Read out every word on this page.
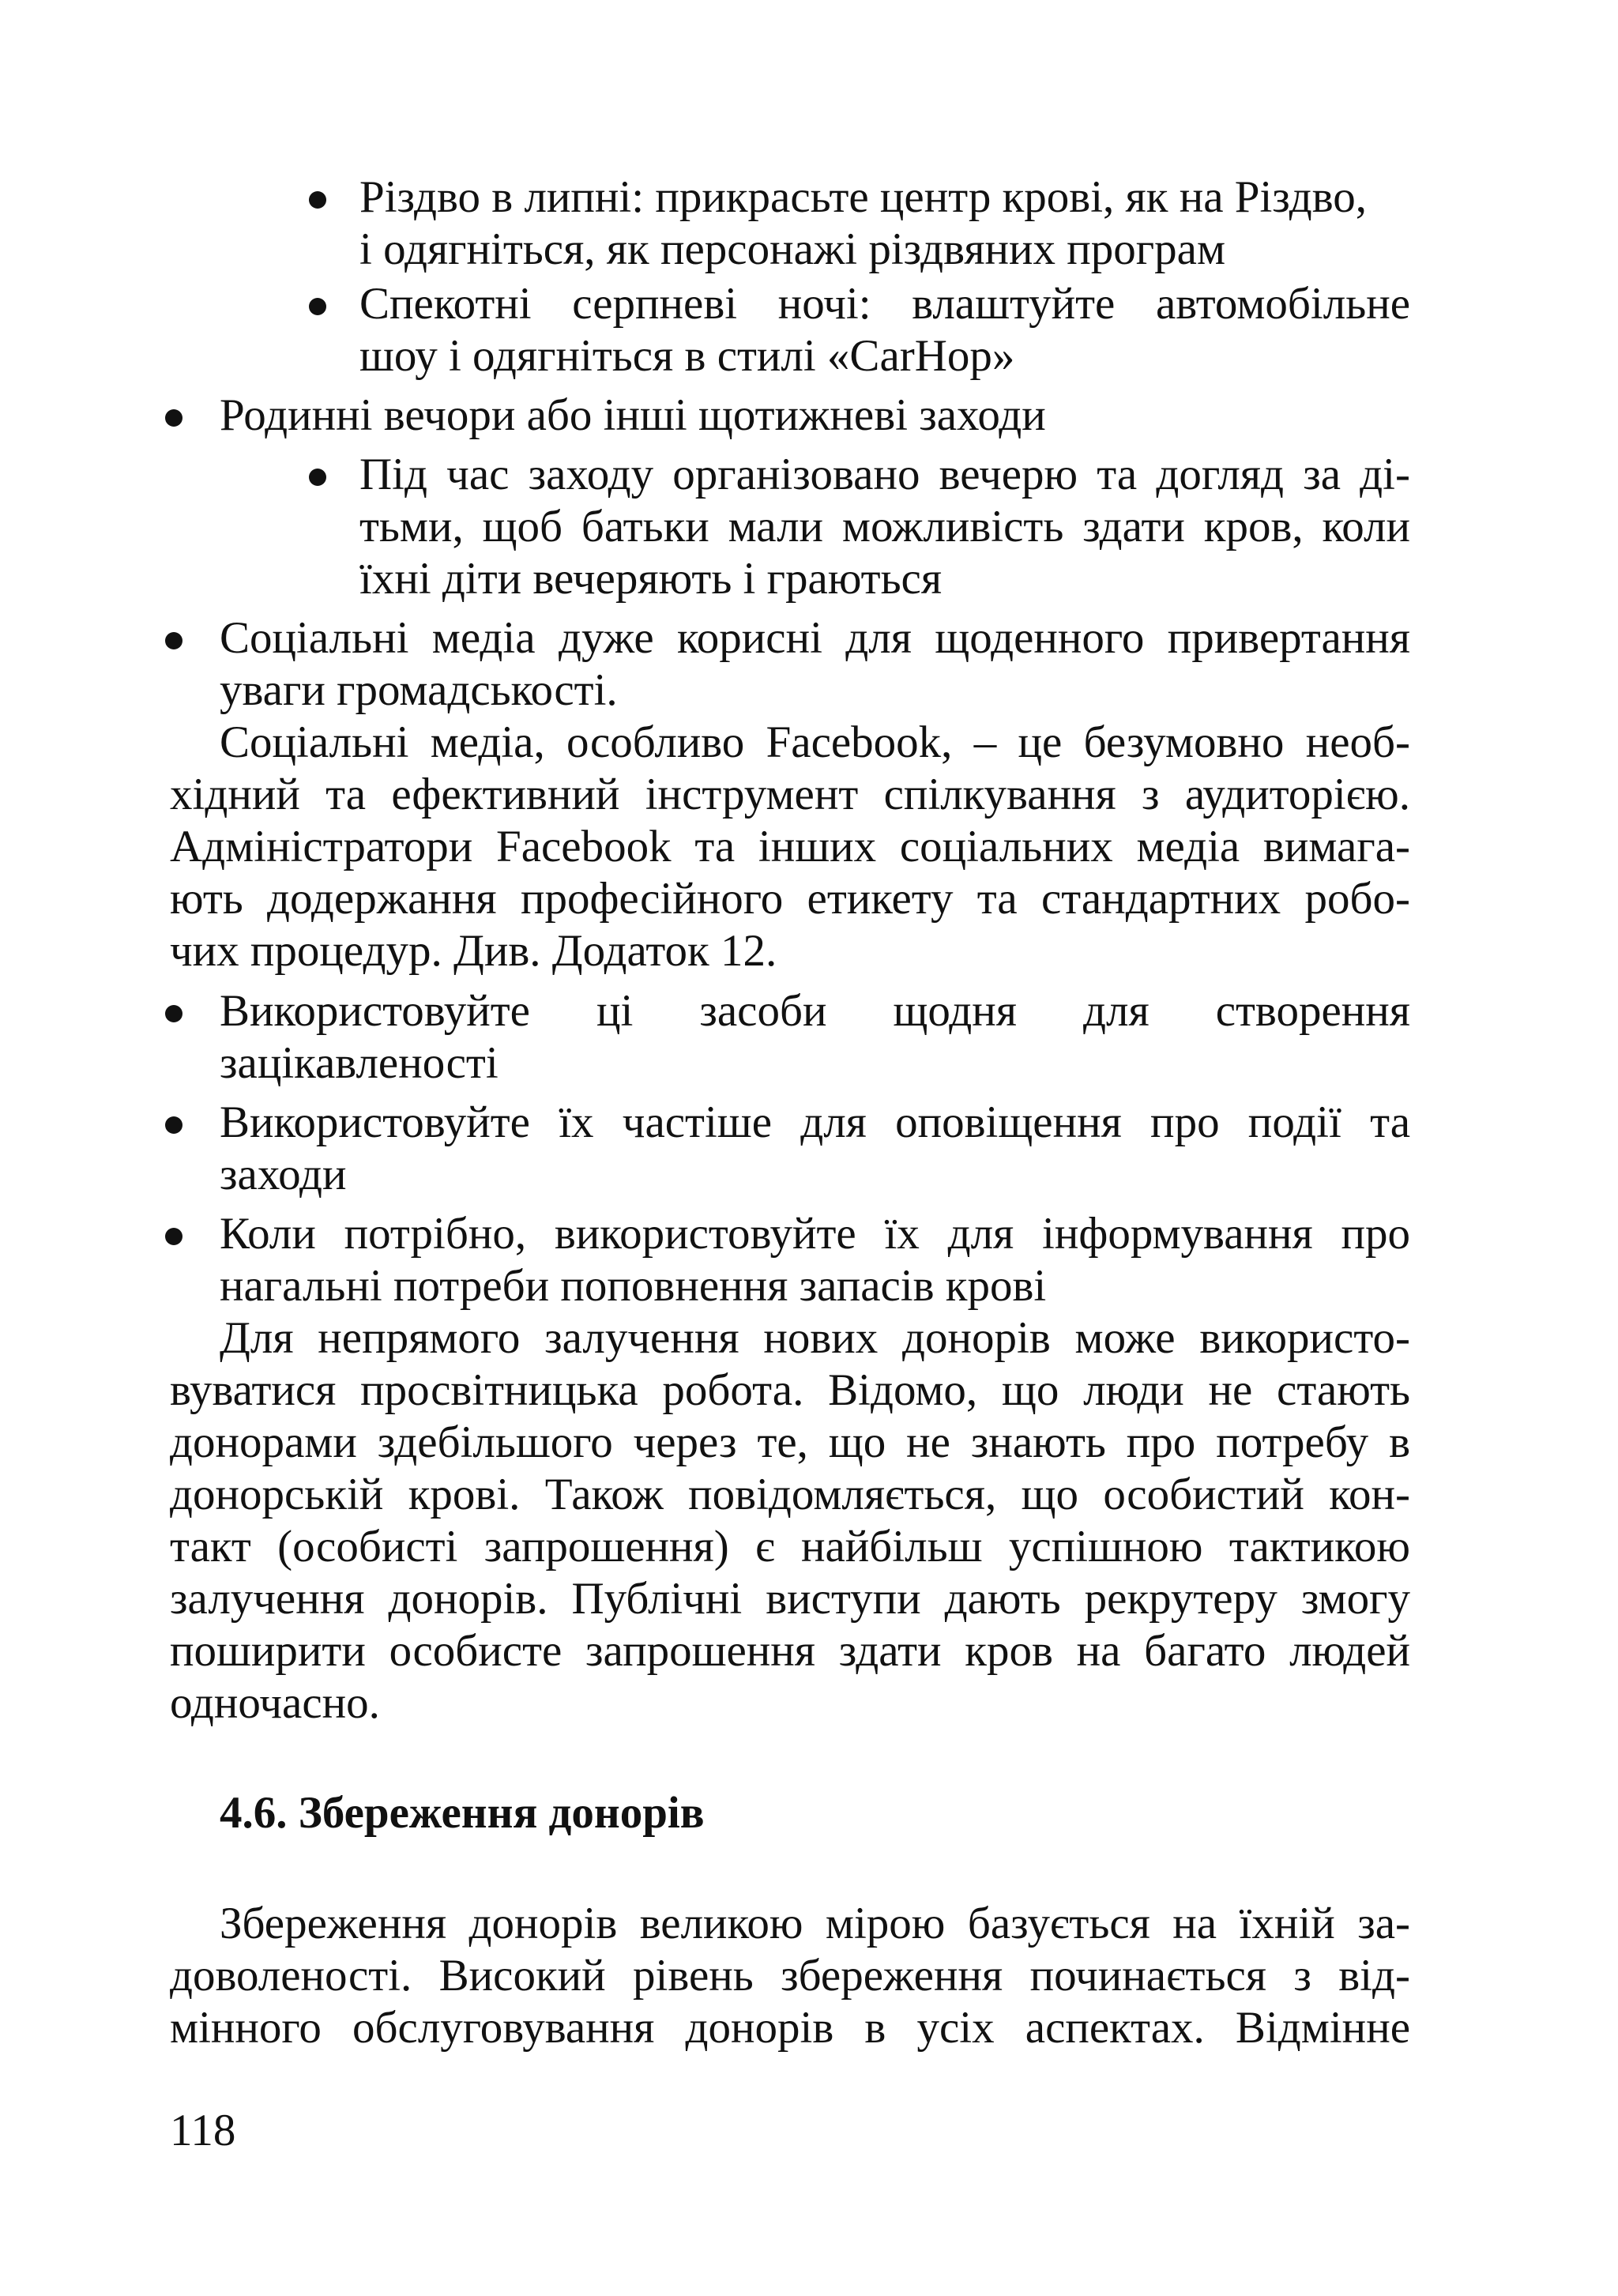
Різдво в липні: прикрасьте центр крові, як на Різдво,
і одягніться, як персонажі різдвяних програм
Спекотні серпневі ночі: влаштуйте автомобільне
шоу і одягніться в стилі «CarHop»
Родинні вечори або інші щотижневі заходи
Під час заходу організовано вечерю та догляд за ді-
тьми, щоб батьки мали можливість здати кров, коли
їхні діти вечеряють і граються
Соціальні медіа дуже корисні для щоденного привертання
уваги громадськості.
Соціальні медіа, особливо Facebook, – це безумовно необ-
хідний та ефективний інструмент спілкування з аудиторією.
Адміністратори Facebook та інших соціальних медіа вимага-
ють додержання професійного етикету та стандартних робо-
чих процедур. Див. Додаток 12.
Використовуйте ці засоби щодня для створення
зацікавленості
Використовуйте їх частіше для оповіщення про події та
заходи
Коли потрібно, використовуйте їх для інформування про
нагальні потреби поповнення запасів крові
Для непрямого залучення нових донорів може використо-
вуватися просвітницька робота. Відомо, що люди не стають
донорами здебільшого через те, що не знають про потребу в
донорській крові. Також повідомляється, що особистий кон-
такт (особисті запрошення) є найбільш успішною тактикою
залучення донорів. Публічні виступи дають рекрутеру змогу
поширити особисте запрошення здати кров на багато людей
одночасно.
4.6. Збереження донорів
Збереження донорів великою мірою базується на їхній за-
доволеності. Високий рівень збереження починається з від-
мінного обслуговування донорів в усіх аспектах. Відмінне
118
